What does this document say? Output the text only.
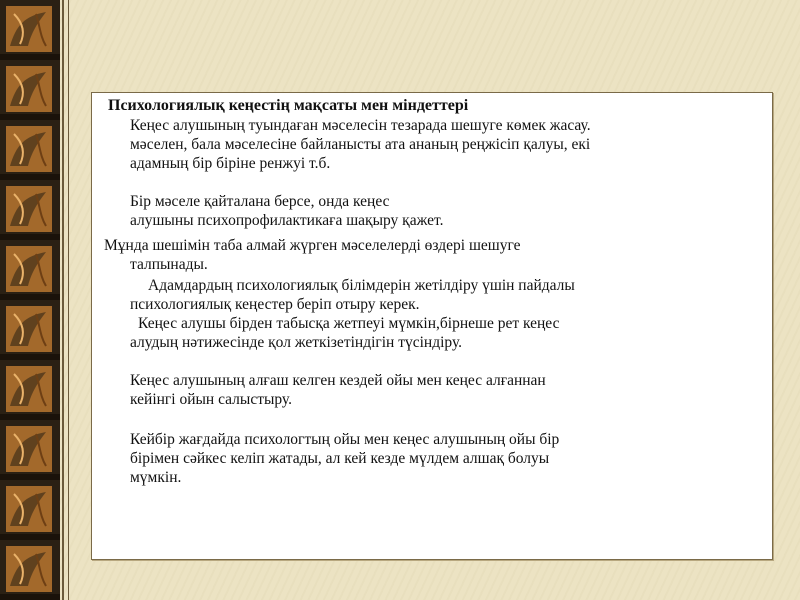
Психологиялық кеңестің мақсаты мен міндеттері
Кеңес алушының туындаған мәселесін тезарада шешуге көмек жасау.
мәселен, бала мәселесіне байланысты ата ананың реңжісіп қалуы, екі
адамның бір біріне ренжуі т.б.
Бір мәселе қайталана берсе, онда кеңес
алушыны психопрофилактикаға шақыру қажет.
Мұнда шешімін таба алмай жүрген мәселелерді өздері шешуге
талпынады.
Адамдардың психологиялық білімдерін жетілдіру үшін пайдалы
психологиялық кеңестер беріп отыру керек.
Кеңес алушы бірден табысқа жетпеуі мүмкін,бірнеше рет кеңес
алудың нәтижесінде қол жеткізетіндігін түсіндіру.
Кеңес алушының алғаш келген кездей ойы мен кеңес алғаннан
кейінгі ойын салыстыру.
Кейбір жағдайда психологтың ойы мен кеңес алушының ойы бір
бірімен сәйкес келіп жатады, ал кей кезде мүлдем алшақ болуы
мүмкін.
